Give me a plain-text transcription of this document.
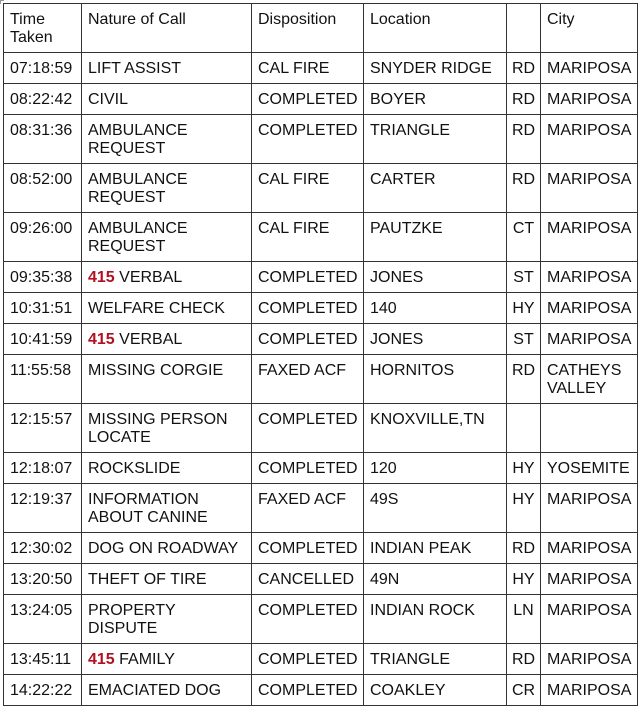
Time Taken	Nature of Call	Disposition	Location		City
07:18:59	LIFT ASSIST	CAL FIRE	SNYDER RIDGE	RD	MARIPOSA
08:22:42	CIVIL	COMPLETED	BOYER	RD	MARIPOSA
08:31:36	AMBULANCE REQUEST	COMPLETED	TRIANGLE	RD	MARIPOSA
08:52:00	AMBULANCE REQUEST	CAL FIRE	CARTER	RD	MARIPOSA
09:26:00	AMBULANCE REQUEST	CAL FIRE	PAUTZKE	CT	MARIPOSA
09:35:38	415 VERBAL	COMPLETED	JONES	ST	MARIPOSA
10:31:51	WELFARE CHECK	COMPLETED	140	HY	MARIPOSA
10:41:59	415 VERBAL	COMPLETED	JONES	ST	MARIPOSA
11:55:58	MISSING CORGIE	FAXED ACF	HORNITOS	RD	CATHEYS VALLEY
12:15:57	MISSING PERSON LOCATE	COMPLETED	KNOXVILLE,TN		
12:18:07	ROCKSLIDE	COMPLETED	120	HY	YOSEMITE
12:19:37	INFORMATION ABOUT CANINE	FAXED ACF	49S	HY	MARIPOSA
12:30:02	DOG ON ROADWAY	COMPLETED	INDIAN PEAK	RD	MARIPOSA
13:20:50	THEFT OF TIRE	CANCELLED	49N	HY	MARIPOSA
13:24:05	PROPERTY DISPUTE	COMPLETED	INDIAN ROCK	LN	MARIPOSA
13:45:11	415 FAMILY	COMPLETED	TRIANGLE	RD	MARIPOSA
14:22:22	EMACIATED DOG	COMPLETED	COAKLEY	CR	MARIPOSA
